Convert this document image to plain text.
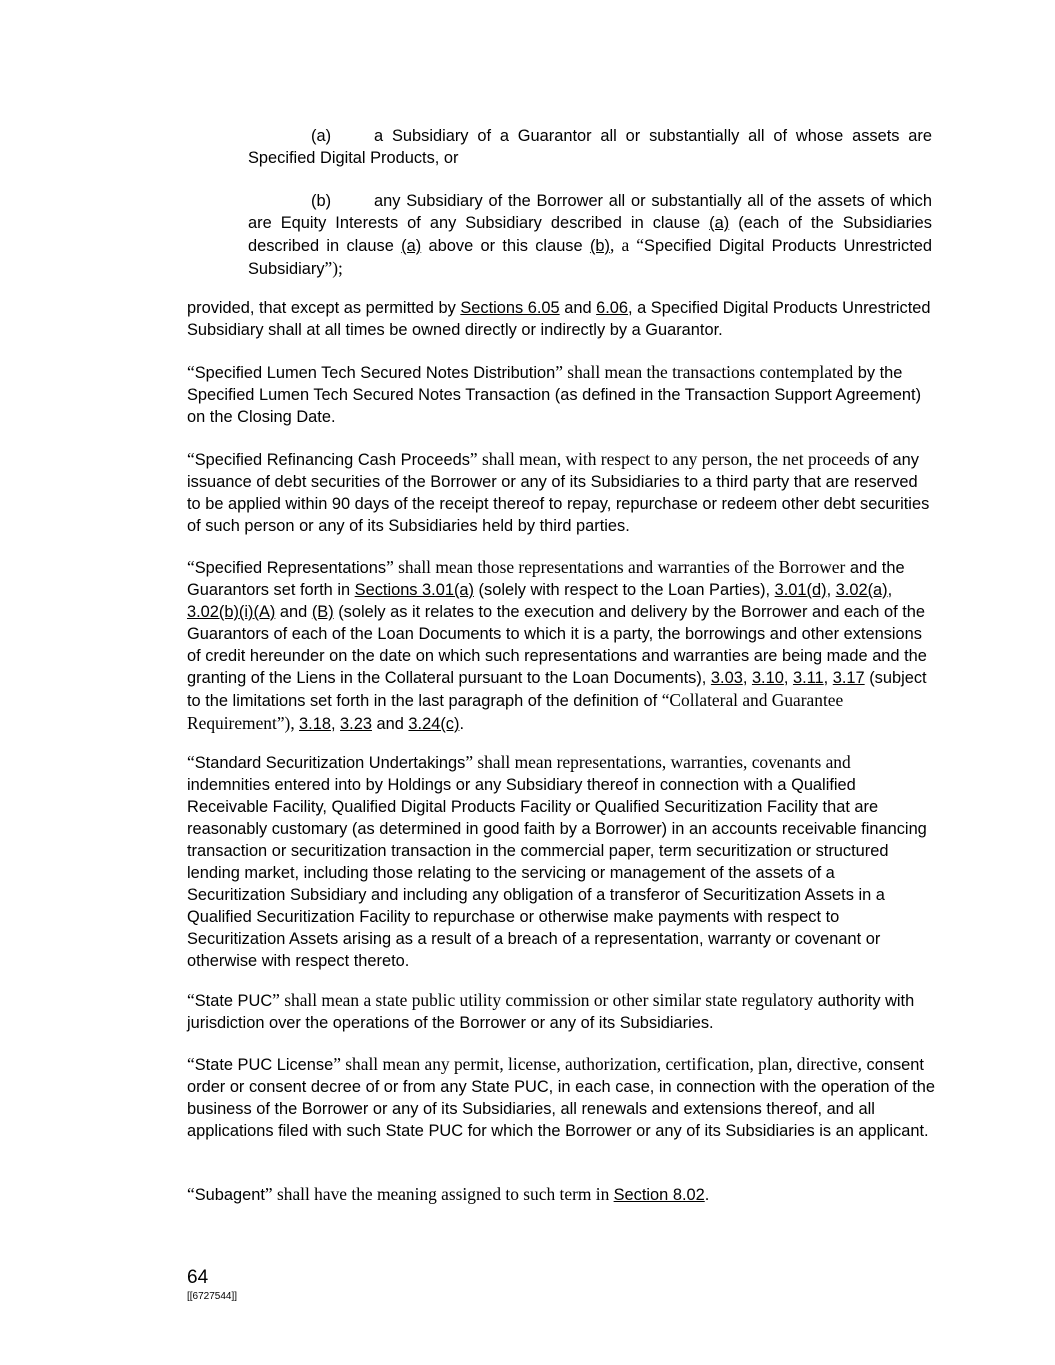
(a)	a Subsidiary of a Guarantor all or substantially all of whose assets are Specified Digital Products, or

(b)	any Subsidiary of the Borrower all or substantially all of the assets of which are Equity Interests of any Subsidiary described in clause (a) (each of the Subsidiaries described in clause (a) above or this clause (b), a “Specified Digital Products Unrestricted Subsidiary”);

provided, that except as permitted by Sections 6.05 and 6.06, a Specified Digital Products Unrestricted Subsidiary shall at all times be owned directly or indirectly by a Guarantor.

“Specified Lumen Tech Secured Notes Distribution” shall mean the transactions contemplated by the Specified Lumen Tech Secured Notes Transaction (as defined in the Transaction Support Agreement) on the Closing Date.

“Specified Refinancing Cash Proceeds” shall mean, with respect to any person, the net proceeds of any issuance of debt securities of the Borrower or any of its Subsidiaries to a third party that are reserved to be applied within 90 days of the receipt thereof to repay, repurchase or redeem other debt securities of such person or any of its Subsidiaries held by third parties.

“Specified Representations” shall mean those representations and warranties of the Borrower and the Guarantors set forth in Sections 3.01(a) (solely with respect to the Loan Parties), 3.01(d), 3.02(a), 3.02(b)(i)(A) and (B) (solely as it relates to the execution and delivery by the Borrower and each of the Guarantors of each of the Loan Documents to which it is a party, the borrowings and other extensions of credit hereunder on the date on which such representations and warranties are being made and the granting of the Liens in the Collateral pursuant to the Loan Documents), 3.03, 3.10, 3.11, 3.17 (subject to the limitations set forth in the last paragraph of the definition of “Collateral and Guarantee Requirement”), 3.18, 3.23 and 3.24(c).

“Standard Securitization Undertakings” shall mean representations, warranties, covenants and indemnities entered into by Holdings or any Subsidiary thereof in connection with a Qualified Receivable Facility, Qualified Digital Products Facility or Qualified Securitization Facility that are reasonably customary (as determined in good faith by a Borrower) in an accounts receivable financing transaction or securitization transaction in the commercial paper, term securitization or structured lending market, including those relating to the servicing or management of the assets of a Securitization Subsidiary and including any obligation of a transferor of Securitization Assets in a Qualified Securitization Facility to repurchase or otherwise make payments with respect to Securitization Assets arising as a result of a breach of a representation, warranty or covenant or otherwise with respect thereto.

“State PUC” shall mean a state public utility commission or other similar state regulatory authority with jurisdiction over the operations of the Borrower or any of its Subsidiaries.

“State PUC License” shall mean any permit, license, authorization, certification, plan, directive, consent order or consent decree of or from any State PUC, in each case, in connection with the operation of the business of the Borrower or any of its Subsidiaries, all renewals and extensions thereof, and all applications filed with such State PUC for which the Borrower or any of its Subsidiaries is an applicant.

“Subagent” shall have the meaning assigned to such term in Section 8.02.

64
[[6727544]]
